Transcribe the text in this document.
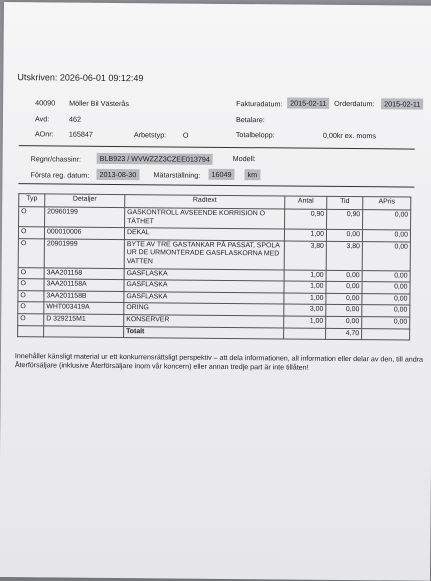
Utskriven: 2026-06-01 09:12:49
40090 Möller Bil Västerås
Avd:	462
AOnr: 165847	Arbetstyp: O
Fakturadatum:	2015-02-11	Orderdatum:	2015-02-11
Betalare:
Totalbelopp:	0,00kr ex. moms
Regnr/chassinr:	BLB923 / WVWZZZ3CZEE013794	Modell:
Första reg. datum:	2013-08-30	Mätarställning:	16049	km
Typ	Detaljer	Radtext	Antal	Tid	APris
O	20960199	GASKONTROLL AVSEENDE KORRISION O TÄTHET	0,90	0,90	0,00
O	000010006	DEKAL	1,00	0,00	0,00
O	20901999	BYTE AV TRE GASTANKAR PÅ PASSAT, SPOLA UR DE URMONTERADE GASFLASKORNA MED VATTEN	3,80	3,80	0,00
O	3AA201158	GASFLASKA	1,00	0,00	0,00
O	3AA201158A	GASFLASKA	1,00	0,00	0,00
O	3AA201158B	GASFLASKA	1,00	0,00	0,00
O	WHT003419A	ORING	3,00	0,00	0,00
O	D 329215M1	KONSERVER	1,00	0,00	0,00
		Totalt		4,70	
Innehåller känsligt material ur ett konkurrensrättsligt perspektiv – att dela informationen, all information eller delar av den, till andra Återförsäljare (inklusive Återförsäljare inom vår koncern) eller annan tredje part är inte tillåten!
